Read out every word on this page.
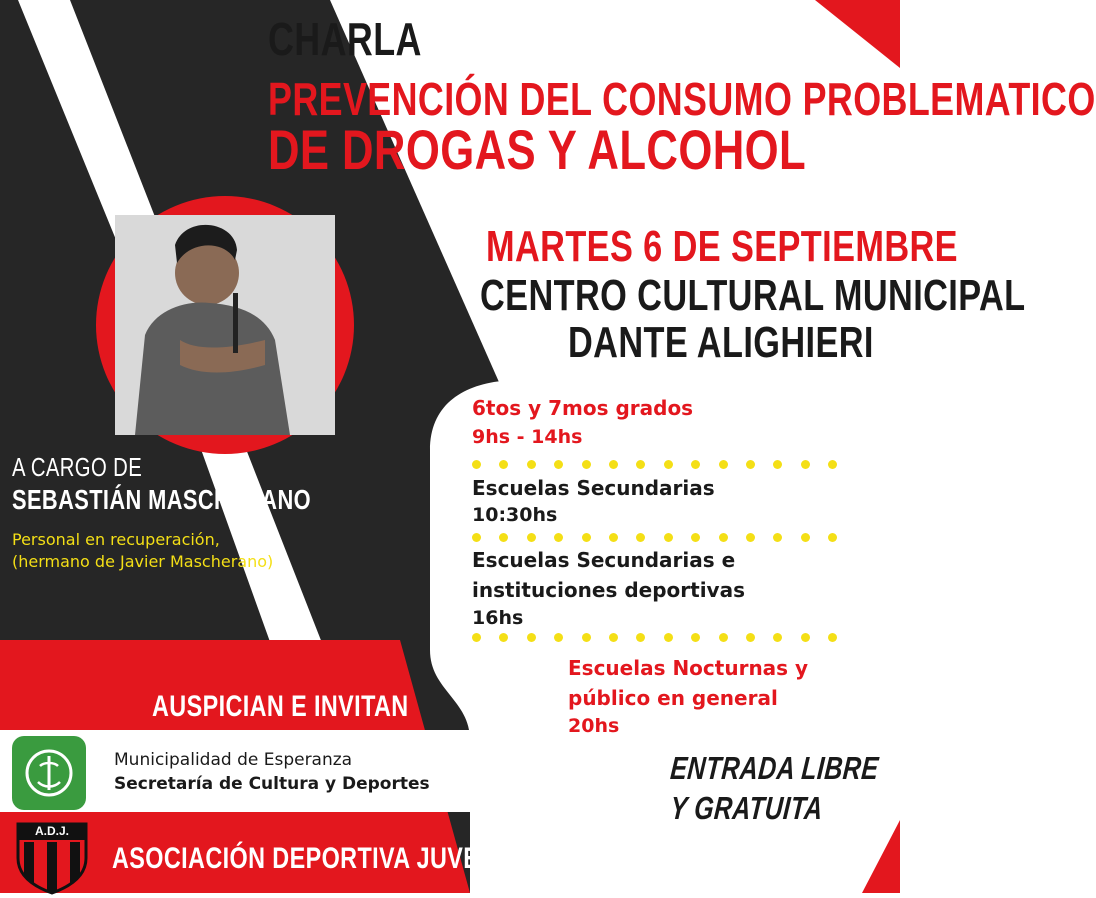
CHARLA
PREVENCIÓN DEL CONSUMO PROBLEMATICO
DE DROGAS Y ALCOHOL
MARTES 6 DE SEPTIEMBRE
CENTRO CULTURAL MUNICIPAL
DANTE ALIGHIERI
6tos y 7mos grados
9hs - 14hs
Escuelas Secundarias
10:30hs
Escuelas Secundarias e
instituciones deportivas
16hs
Escuelas Nocturnas y
público en general
20hs
ENTRADA LIBRE
Y GRATUITA
A CARGO DE
SEBASTIÁN MASCHERANO
Personal en recuperación,
(hermano de Javier Mascherano)
AUSPICIAN E INVITAN
Municipalidad de Esperanza
Secretaría de Cultura y Deportes
A.D.J.
ASOCIACIÓN DEPORTIVA JUVENTUD
